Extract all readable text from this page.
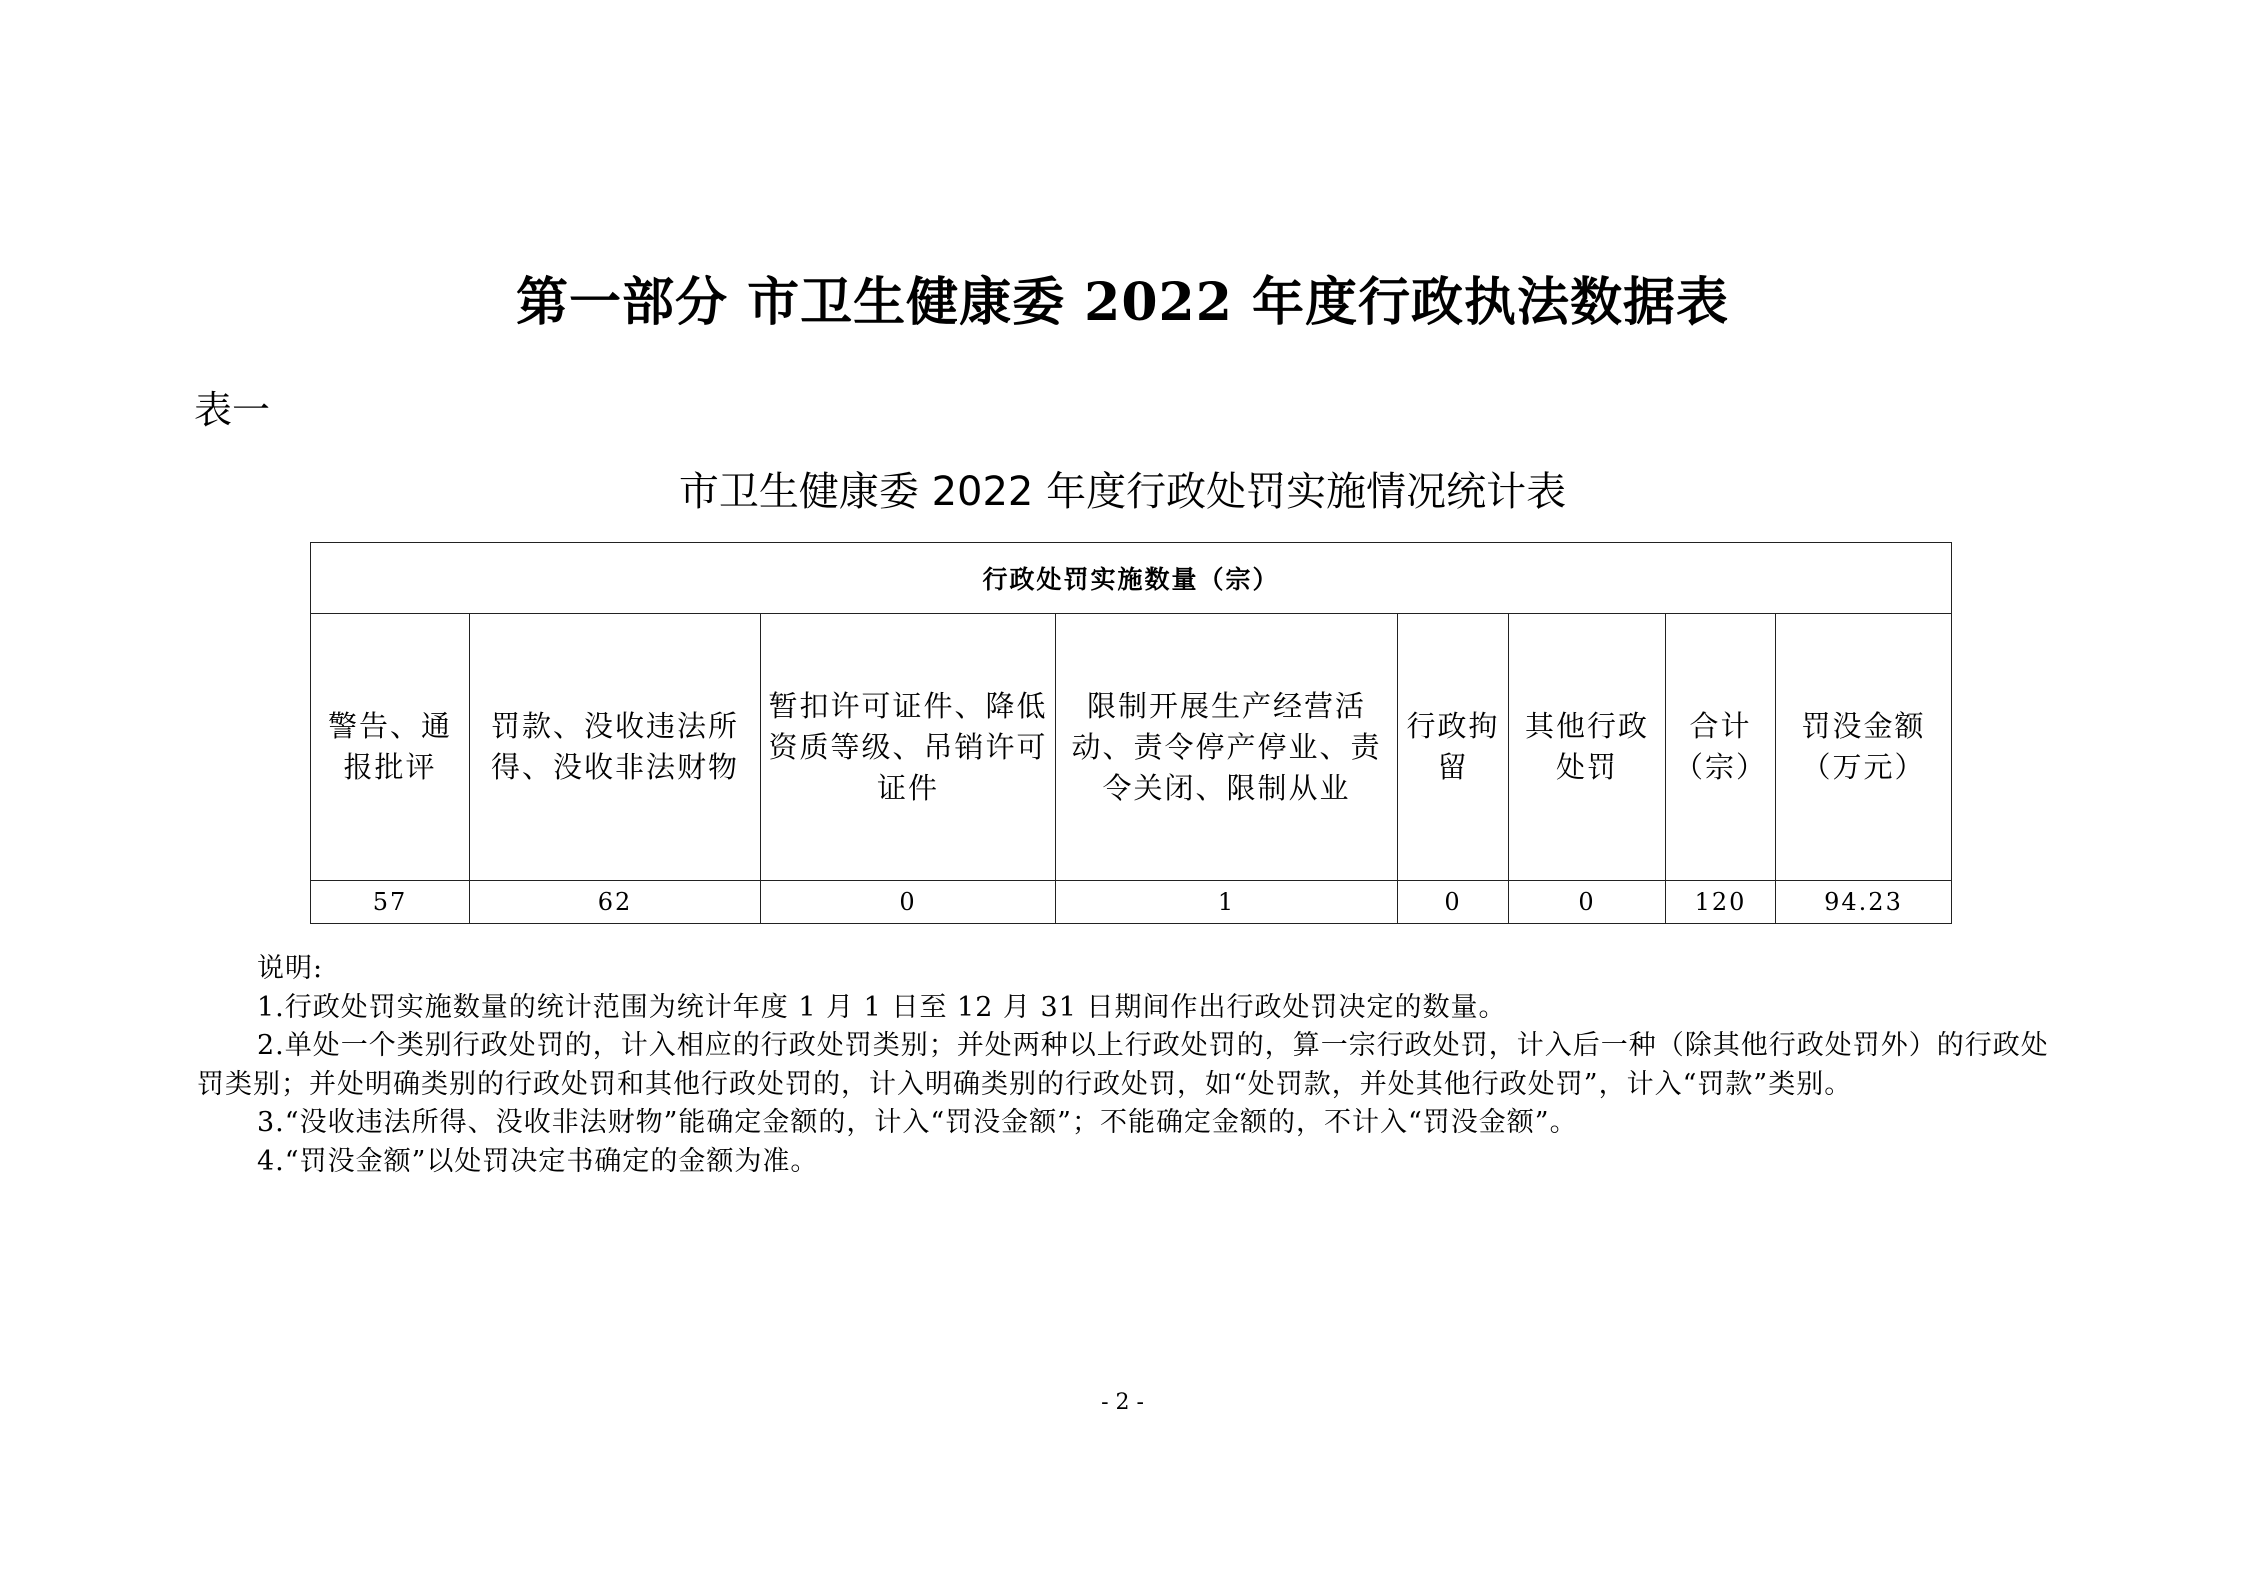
第一部分 市卫生健康委 2022 年度行政执法数据表
表一
市卫生健康委 2022 年度行政处罚实施情况统计表
行政处罚实施数量（宗）							
警告、通报批评	罚款、没收违法所得、没收非法财物	暂扣许可证件、降低资质等级、吊销许可证件	限制开展生产经营活动、责令停产停业、责令关闭、限制从业	行政拘留	其他行政处罚	合计（宗）	罚没金额（万元）
57	62	0	1	0	0	120	94.23

说明:

1.行政处罚实施数量的统计范围为统计年度 1 月 1 日至 12 月 31 日期间作出行政处罚决定的数量。

2.单处一个类别行政处罚的，计入相应的行政处罚类别；并处两种以上行政处罚的，算一宗行政处罚，计入后一种（除其他行政处罚外）的行政处罚类别；并处明确类别的行政处罚和其他行政处罚的，计入明确类别的行政处罚，如“处罚款，并处其他行政处罚”，计入“罚款”类别。

3.“没收违法所得、没收非法财物”能确定金额的，计入“罚没金额”；不能确定金额的，不计入“罚没金额”。

4.“罚没金额”以处罚决定书确定的金额为准。

- 2 -
